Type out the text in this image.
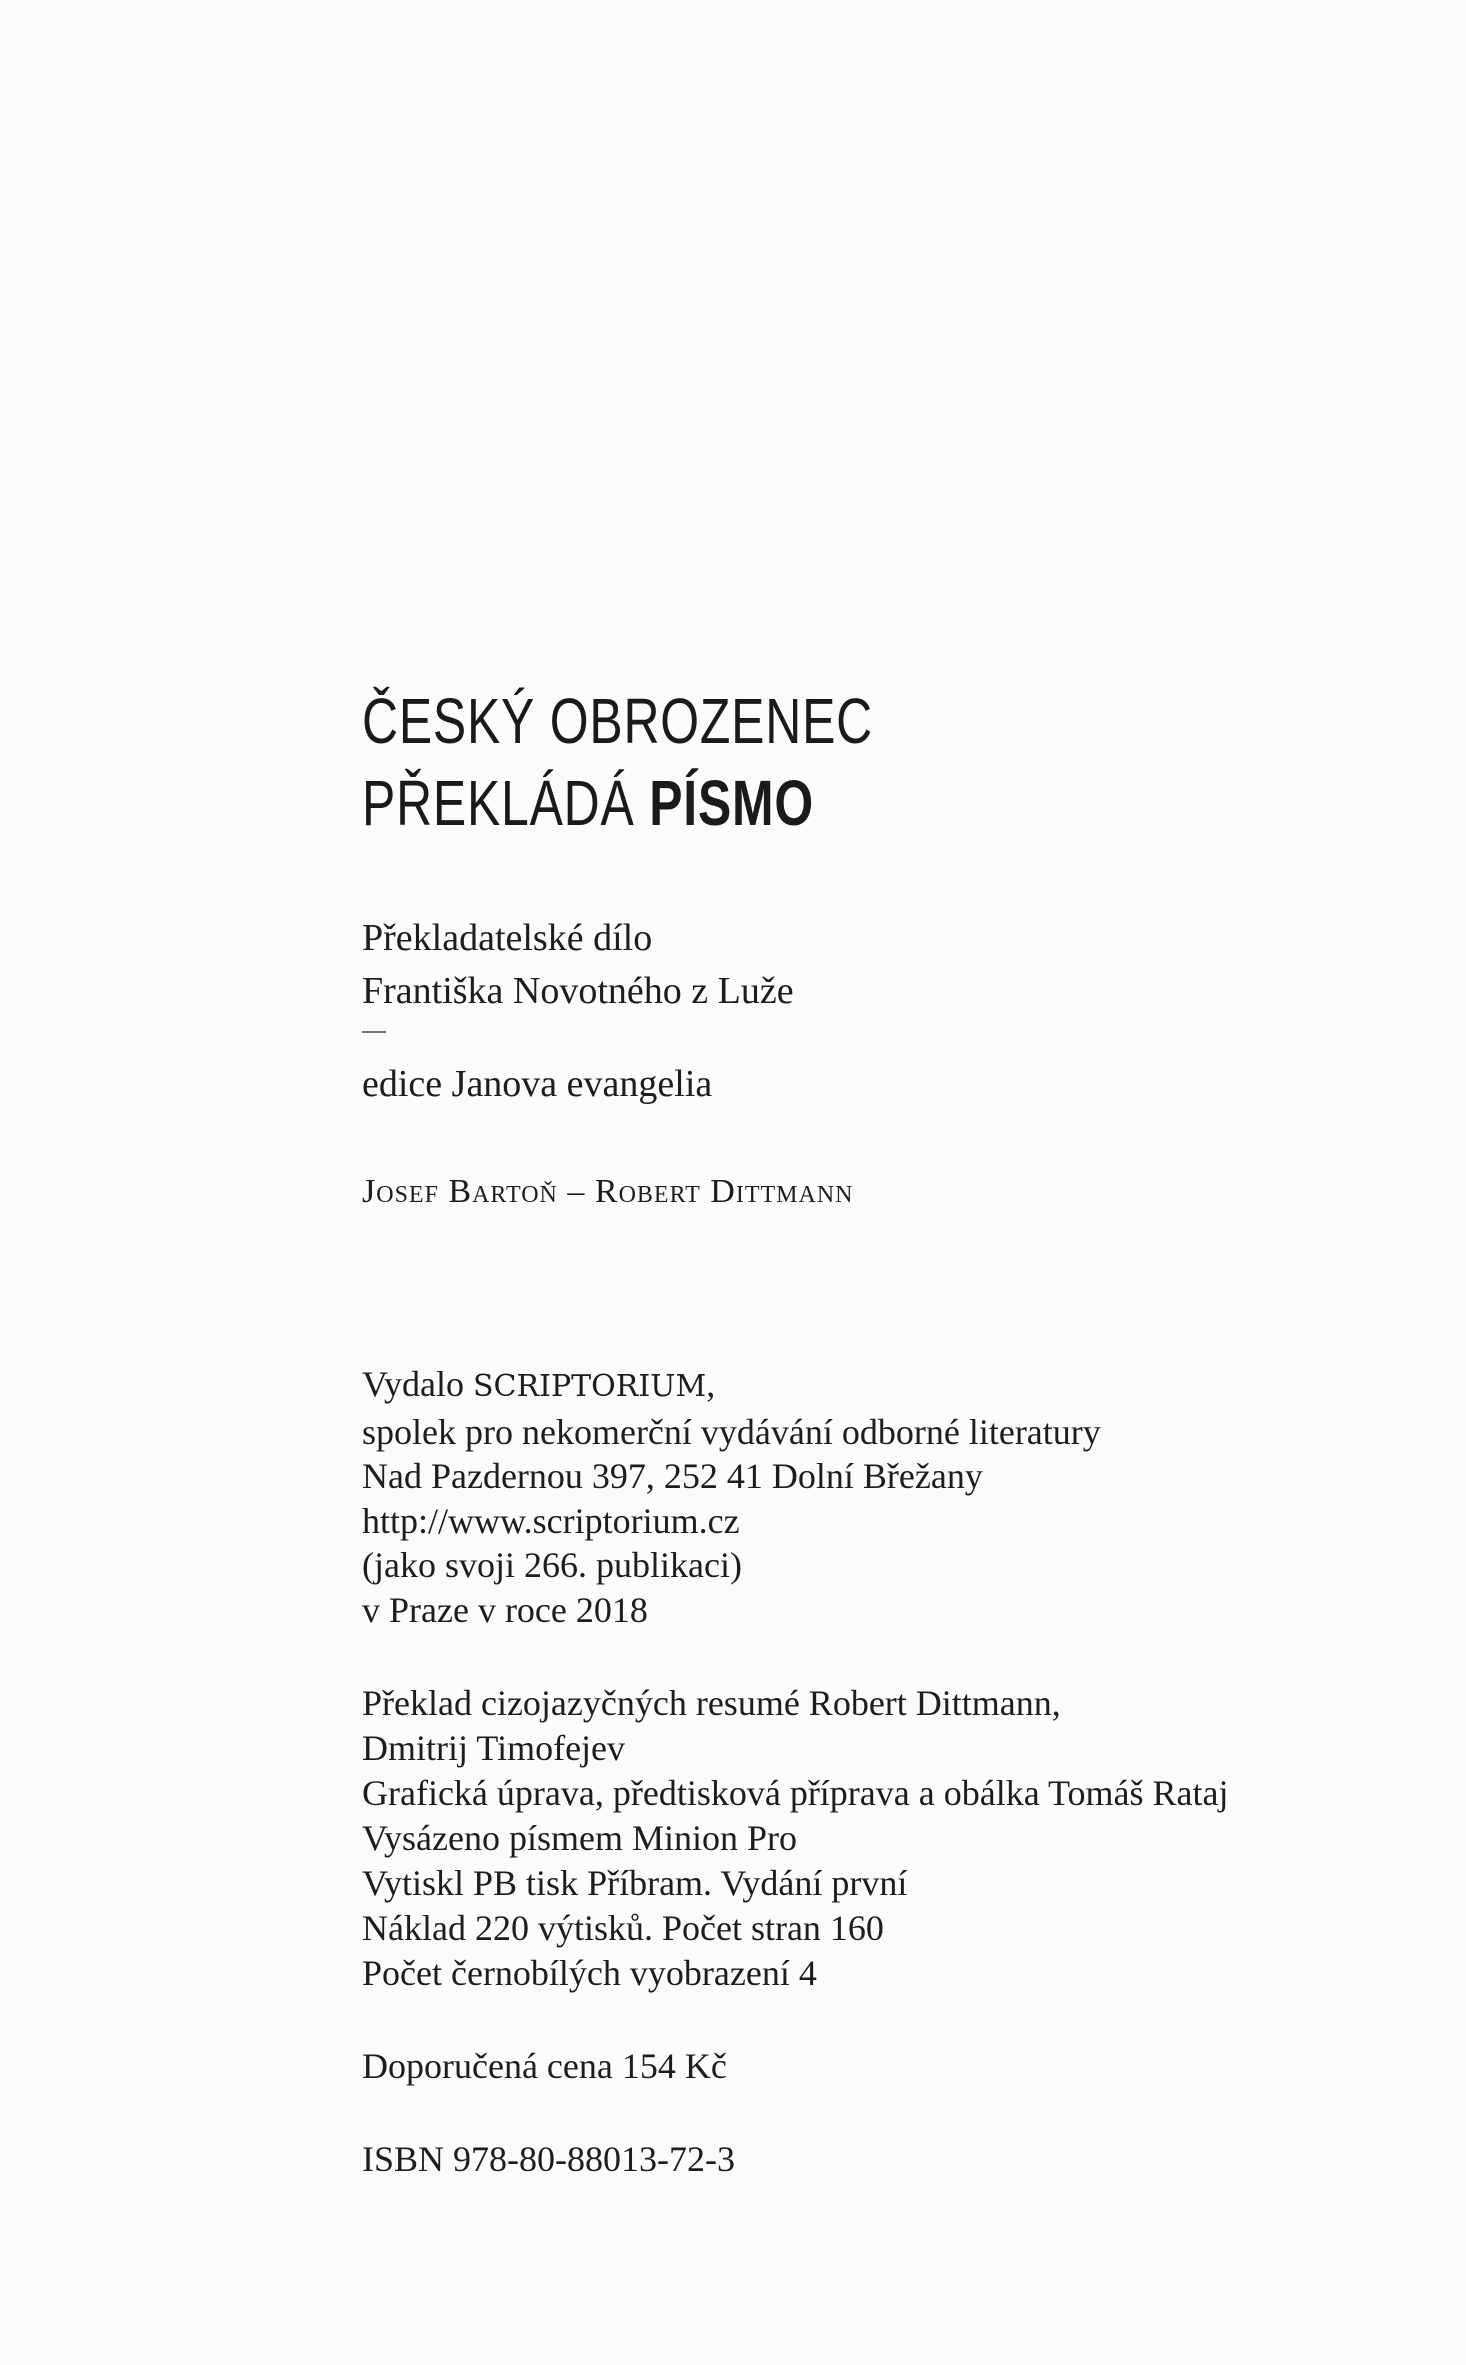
ČESKÝ OBROZENEC
PŘEKLÁDÁ PÍSMO
Překladatelské dílo
Františka Novotného z Luže
edice Janova evangelia
Josef Bartoň – Robert Dittmann
Vydalo SCRIPTORIUM,
spolek pro nekomerční vydávání odborné literatury
Nad Pazdernou 397, 252 41 Dolní Břežany
http://www.scriptorium.cz
(jako svoji 266. publikaci)
v Praze v roce 2018
Překlad cizojazyčných resumé Robert Dittmann,
Dmitrij Timofejev
Grafická úprava, předtisková příprava a obálka Tomáš Rataj
Vysázeno písmem Minion Pro
Vytiskl PB tisk Příbram. Vydání první
Náklad 220 výtisků. Počet stran 160
Počet černobílých vyobrazení 4
Doporučená cena 154 Kč
ISBN 978-80-88013-72-3
